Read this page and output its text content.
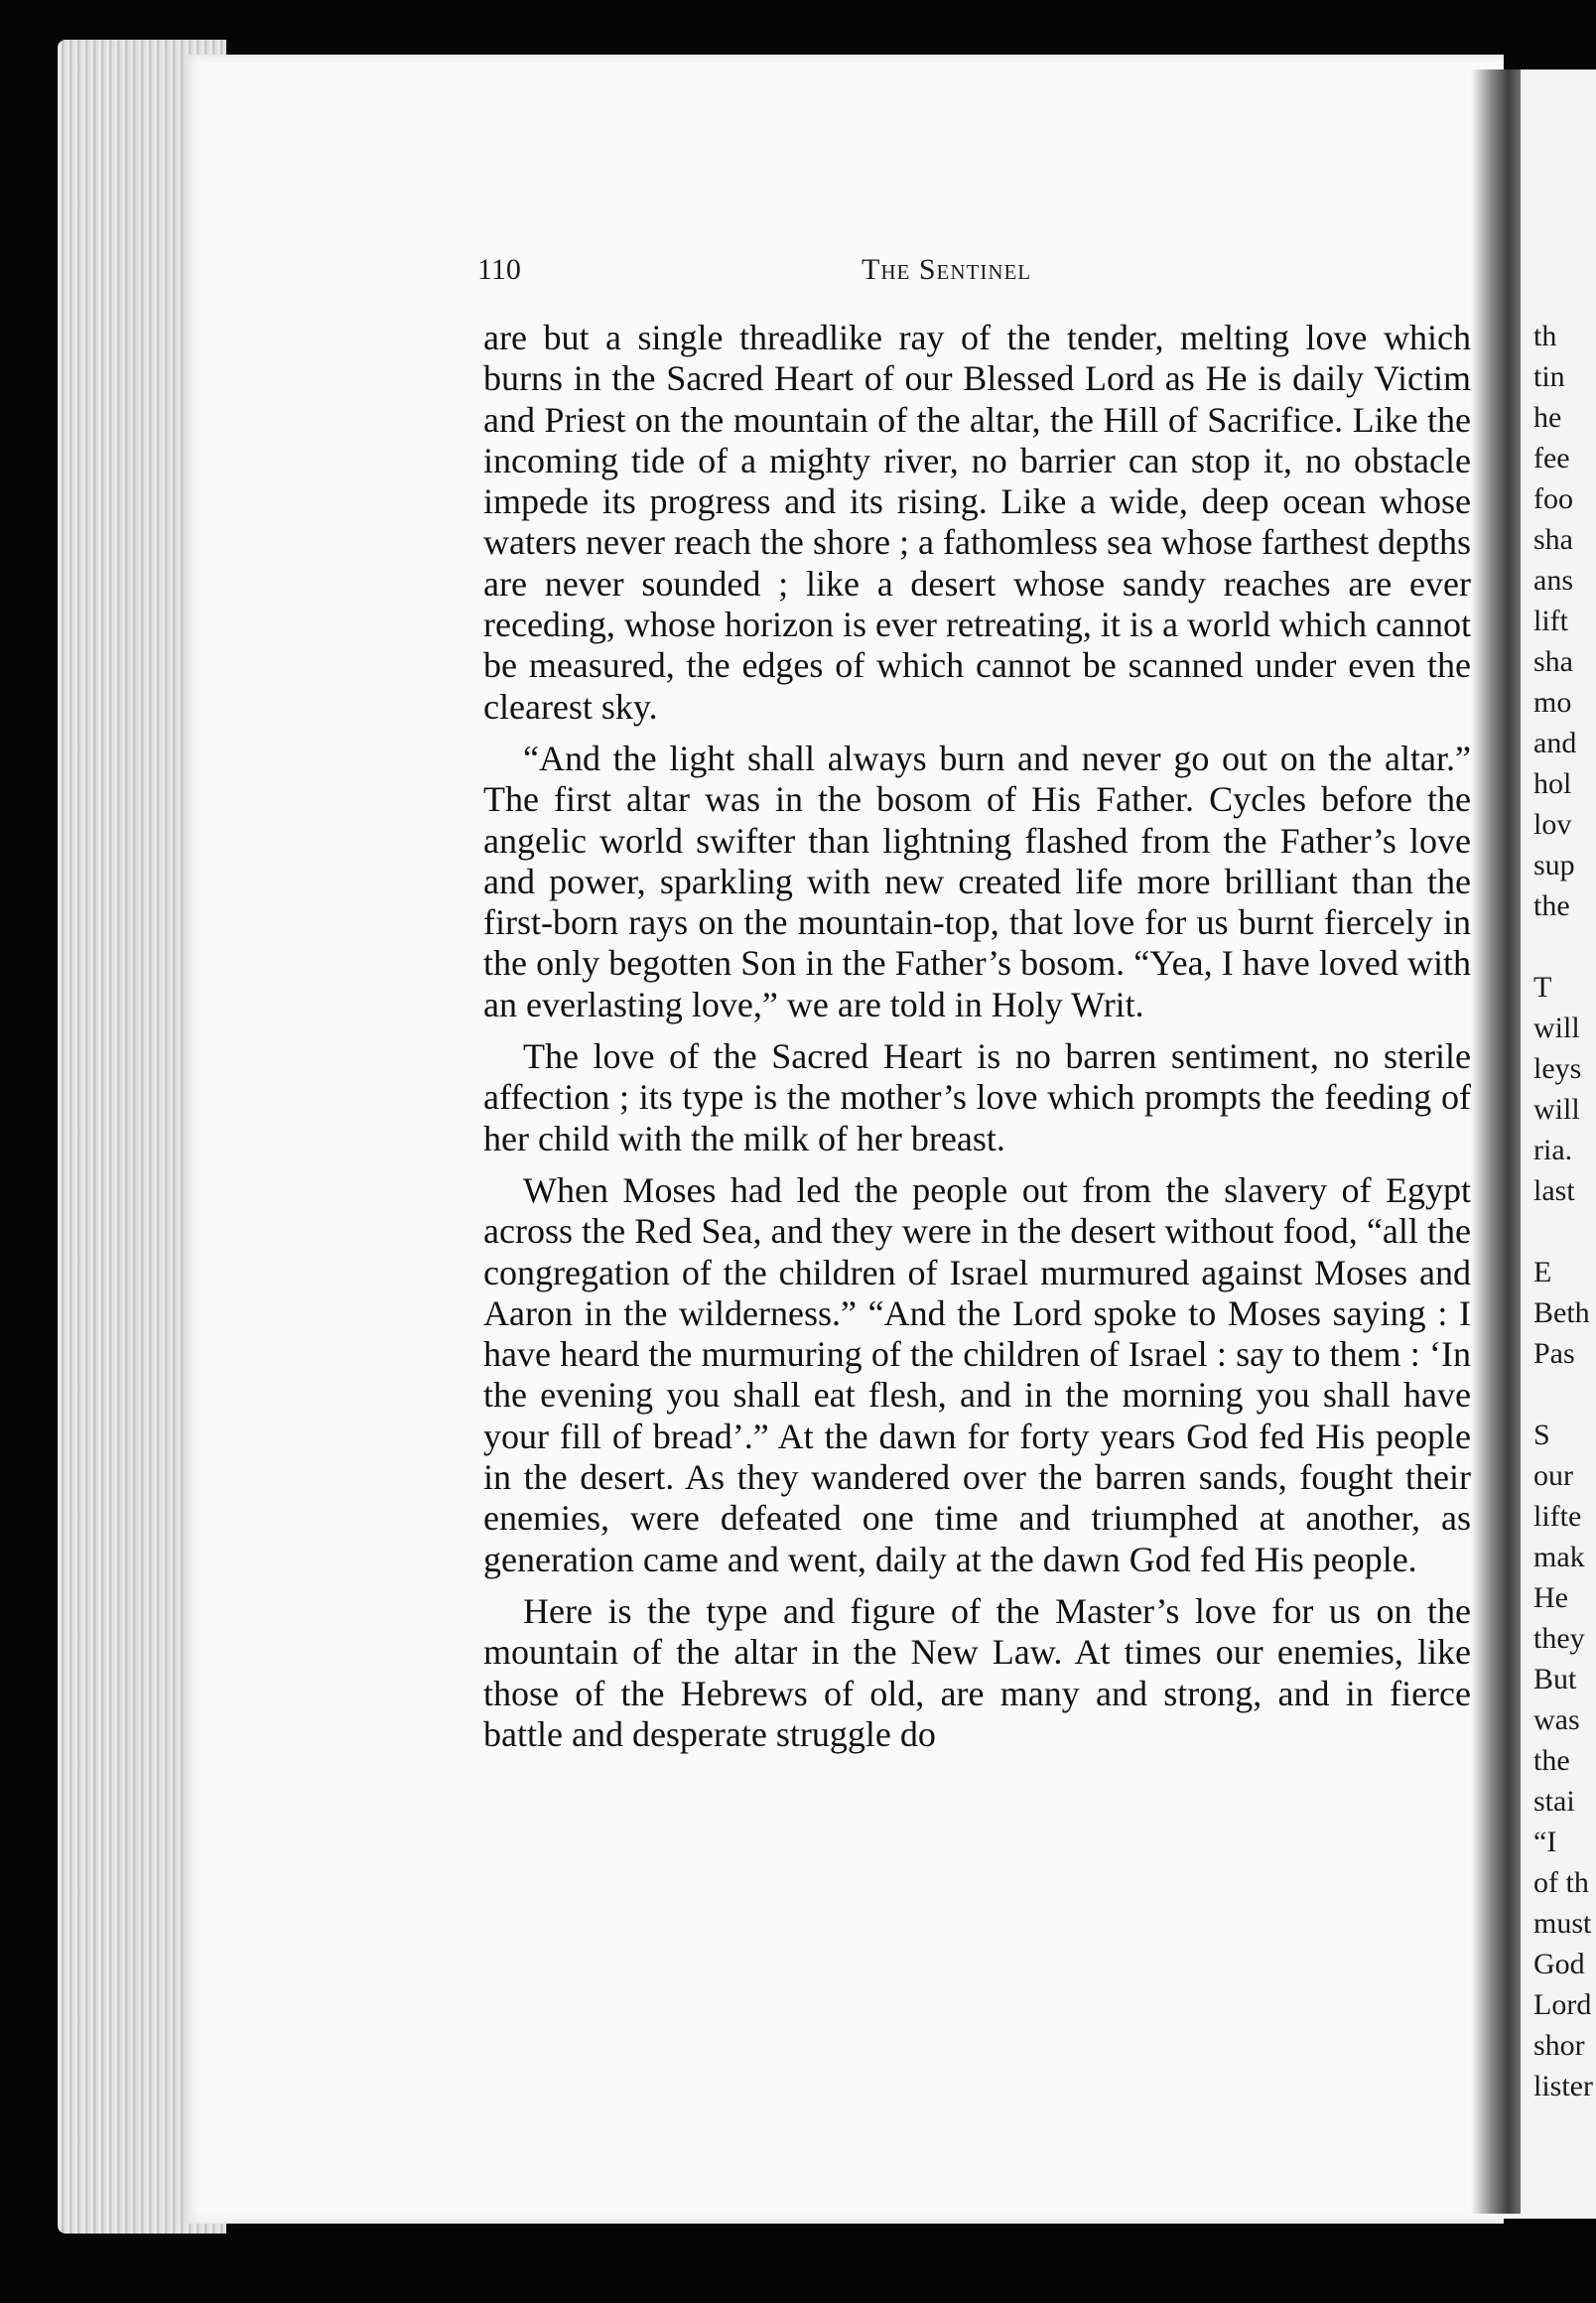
110	The Sentinel

are but a single threadlike ray of the tender, melting love which burns in the Sacred Heart of our Blessed Lord as He is daily Victim and Priest on the mountain of the altar, the Hill of Sacrifice. Like the incoming tide of a mighty river, no barrier can stop it, no obstacle impede its progress and its rising. Like a wide, deep ocean whose waters never reach the shore ; a fathomless sea whose farthest depths are never sounded ; like a desert whose sandy reaches are ever receding, whose horizon is ever retreating, it is a world which cannot be measured, the edges of which cannot be scanned under even the clearest sky.

“And the light shall always burn and never go out on the altar.” The first altar was in the bosom of His Father. Cycles before the angelic world swifter than lightning flashed from the Father’s love and power, sparkling with new created life more brilliant than the first-born rays on the mountain-top, that love for us burnt fiercely in the only begotten Son in the Father’s bosom. “Yea, I have loved with an everlasting love,” we are told in Holy Writ.

The love of the Sacred Heart is no barren sentiment, no sterile affection ; its type is the mother’s love which prompts the feeding of her child with the milk of her breast.

When Moses had led the people out from the slavery of Egypt across the Red Sea, and they were in the desert without food, “all the congregation of the children of Israel murmured against Moses and Aaron in the wilderness.” “And the Lord spoke to Moses saying : I have heard the murmuring of the children of Israel : say to them : ‘In the evening you shall eat flesh, and in the morning you shall have your fill of bread’.” At the dawn for forty years God fed His people in the desert. As they wandered over the barren sands, fought their enemies, were defeated one time and triumphed at another, as generation came and went, daily at the dawn God fed His people.

Here is the type and figure of the Master’s love for us on the mountain of the altar in the New Law. At times our enemies, like those of the Hebrews of old, are many and strong, and in fierce battle and desperate struggle do

th
tin
he
fee
foo
sha
ans
lift
sha
mo
and
hol
lov
sup
the
T
will
leys
will
ria.
last
E
Beth
Pas
S
our
lifte
mak
He
they
But
was
the
stai
“I
of th
must
God
Lord
shor
lister
